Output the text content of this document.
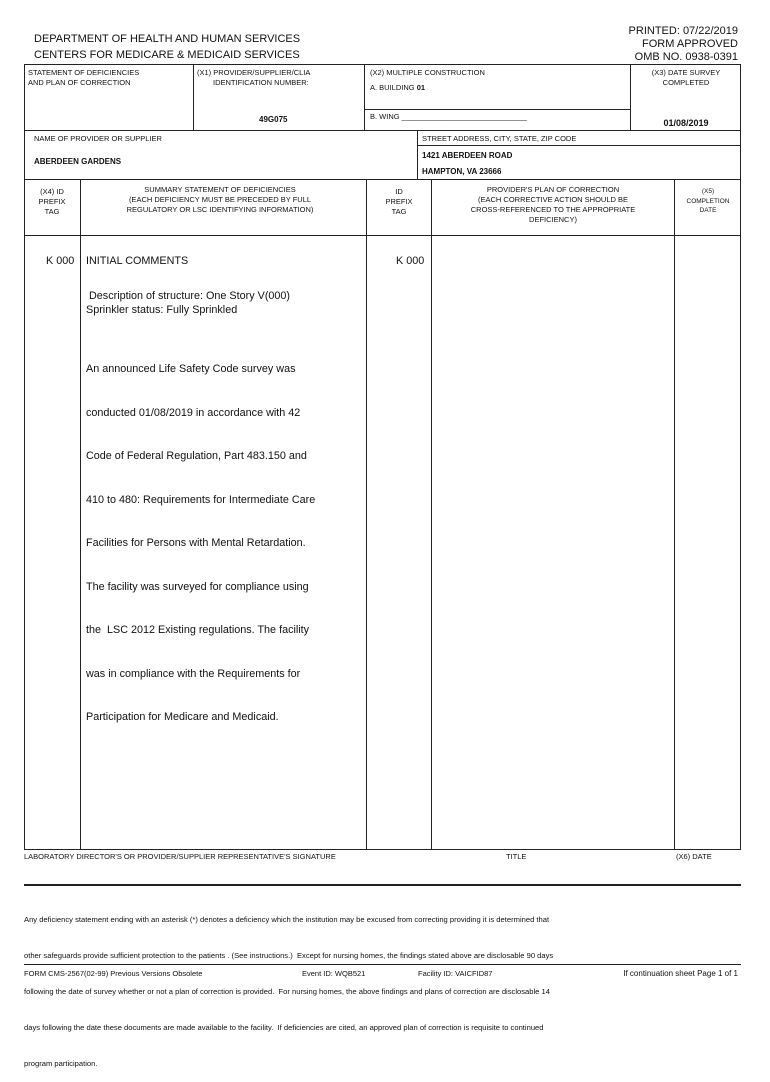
DEPARTMENT OF HEALTH AND HUMAN SERVICES
CENTERS FOR MEDICARE & MEDICAID SERVICES
PRINTED: 07/22/2019
FORM APPROVED
OMB NO. 0938-0391
STATEMENT OF DEFICIENCIES
AND PLAN OF CORRECTION
(X1) PROVIDER/SUPPLIER/CLIA
IDENTIFICATION NUMBER:
49G075
(X2) MULTIPLE CONSTRUCTION
A. BUILDING 01
B. WING ______________________________
(X3) DATE SURVEY
COMPLETED
01/08/2019
NAME OF PROVIDER OR SUPPLIER
ABERDEEN GARDENS
STREET ADDRESS, CITY, STATE, ZIP CODE
1421 ABERDEEN ROAD
HAMPTON, VA 23666
(X4) ID
PREFIX
TAG
SUMMARY STATEMENT OF DEFICIENCIES
(EACH DEFICIENCY MUST BE PRECEDED BY FULL
REGULATORY OR LSC IDENTIFYING INFORMATION)
ID
PREFIX
TAG
PROVIDER'S PLAN OF CORRECTION
(EACH CORRECTIVE ACTION SHOULD BE
CROSS-REFERENCED TO THE APPROPRIATE
DEFICIENCY)
(X5)
COMPLETION
DATE
K 000 INITIAL COMMENTS	K 000
Description of structure: One Story V(000)
Sprinkler status: Fully Sprinkled

An announced Life Safety Code survey was

conducted 01/08/2019 in accordance with 42

Code of Federal Regulation, Part 483.150 and

410 to 480: Requirements for Intermediate Care

Facilities for Persons with Mental Retardation.

The facility was surveyed for compliance using

the  LSC 2012 Existing regulations. The facility

was in compliance with the Requirements for

Participation for Medicare and Medicaid.

LABORATORY DIRECTOR'S OR PROVIDER/SUPPLIER REPRESENTATIVE'S SIGNATURE	TITLE	(X6) DATE

Any deficiency statement ending with an asterisk (*) denotes a deficiency which the institution may be excused from correcting providing it is determined that

other safeguards provide sufficient protection to the patients . (See instructions.)  Except for nursing homes, the findings stated above are disclosable 90 days

following the date of survey whether or not a plan of correction is provided.  For nursing homes, the above findings and plans of correction are disclosable 14

days following the date these documents are made available to the facility.  If deficiencies are cited, an approved plan of correction is requisite to continued

program participation.

FORM CMS-2567(02-99) Previous Versions Obsolete	Event ID: WQB521	Facility ID: VAICFID87	If continuation sheet Page 1 of 1
